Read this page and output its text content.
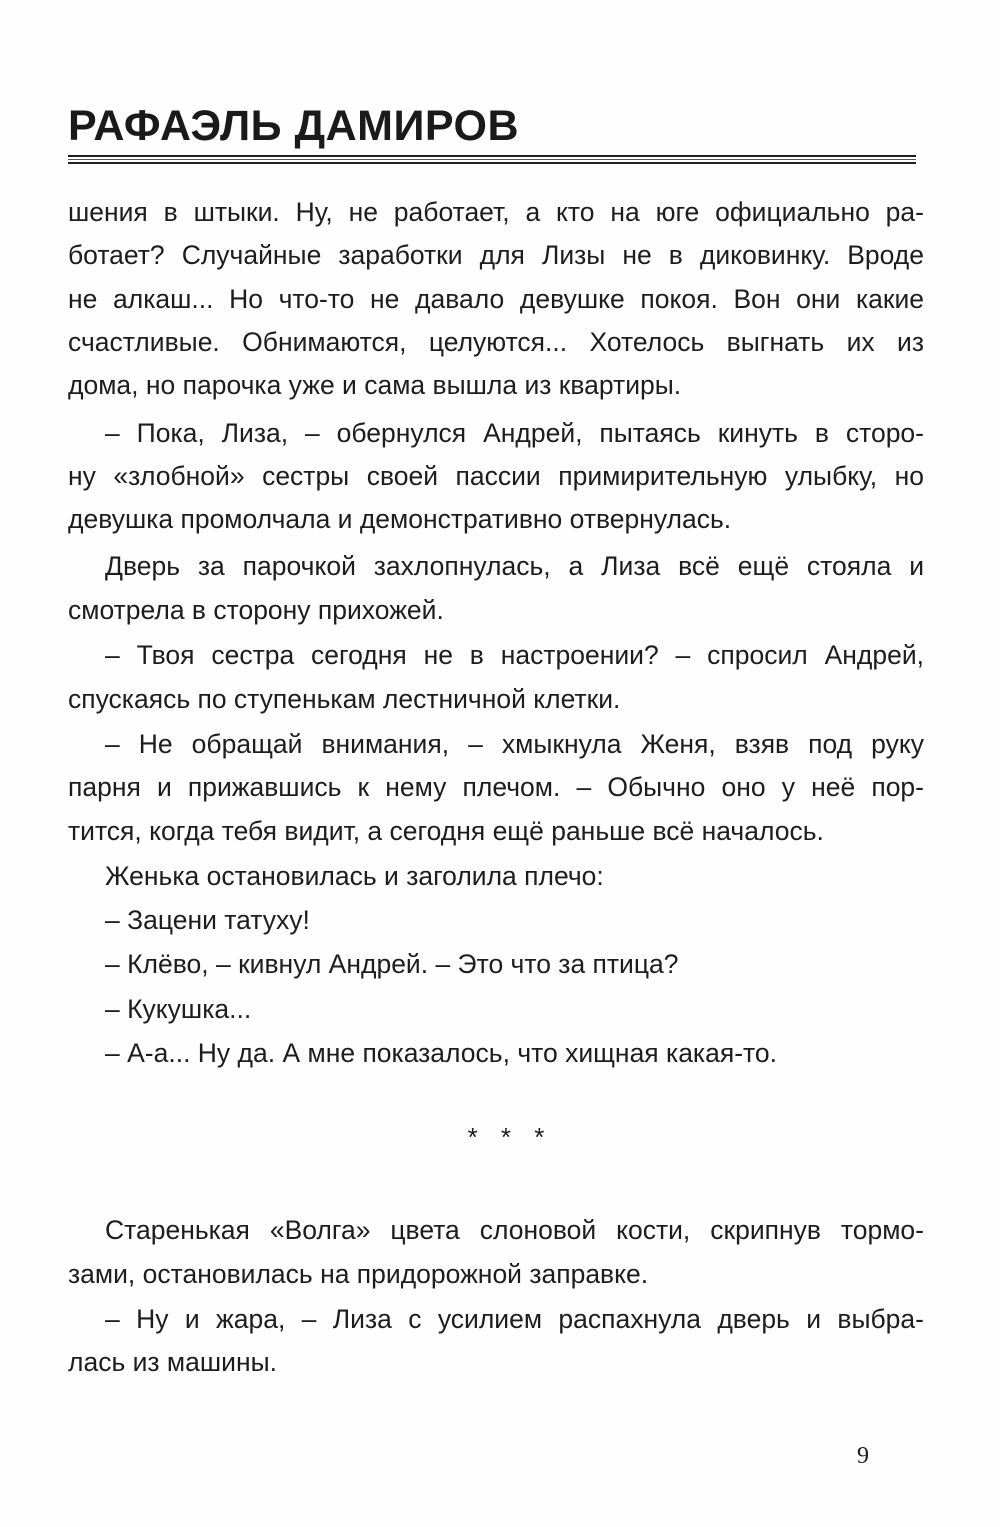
РАФАЭЛЬ ДАМИРОВ
шения в штыки. Ну, не работает, а кто на юге официально ра-
ботает? Случайные заработки для Лизы не в диковинку. Вроде
не алкаш... Но что-то не давало девушке покоя. Вон они какие
счастливые. Обнимаются, целуются... Хотелось выгнать их из
дома, но парочка уже и сама вышла из квартиры.
– Пока, Лиза, – обернулся Андрей, пытаясь кинуть в сторо-
ну «злобной» сестры своей пассии примирительную улыбку, но
девушка промолчала и демонстративно отвернулась.
Дверь за парочкой захлопнулась, а Лиза всё ещё стояла и
смотрела в сторону прихожей.
– Твоя сестра сегодня не в настроении? – спросил Андрей,
спускаясь по ступенькам лестничной клетки.
– Не обращай внимания, – хмыкнула Женя, взяв под руку
парня и прижавшись к нему плечом. – Обычно оно у неё пор-
тится, когда тебя видит, а сегодня ещё раньше всё началось.
Женька остановилась и заголила плечо:
– Зацени татуху!
– Клёво, – кивнул Андрей. – Это что за птица?
– Кукушка...
– А-а... Ну да. А мне показалось, что хищная какая-то.
* * *
Старенькая «Волга» цвета слоновой кости, скрипнув тормо-
зами, остановилась на придорожной заправке.
– Ну и жара, – Лиза с усилием распахнула дверь и выбра-
лась из машины.
9
